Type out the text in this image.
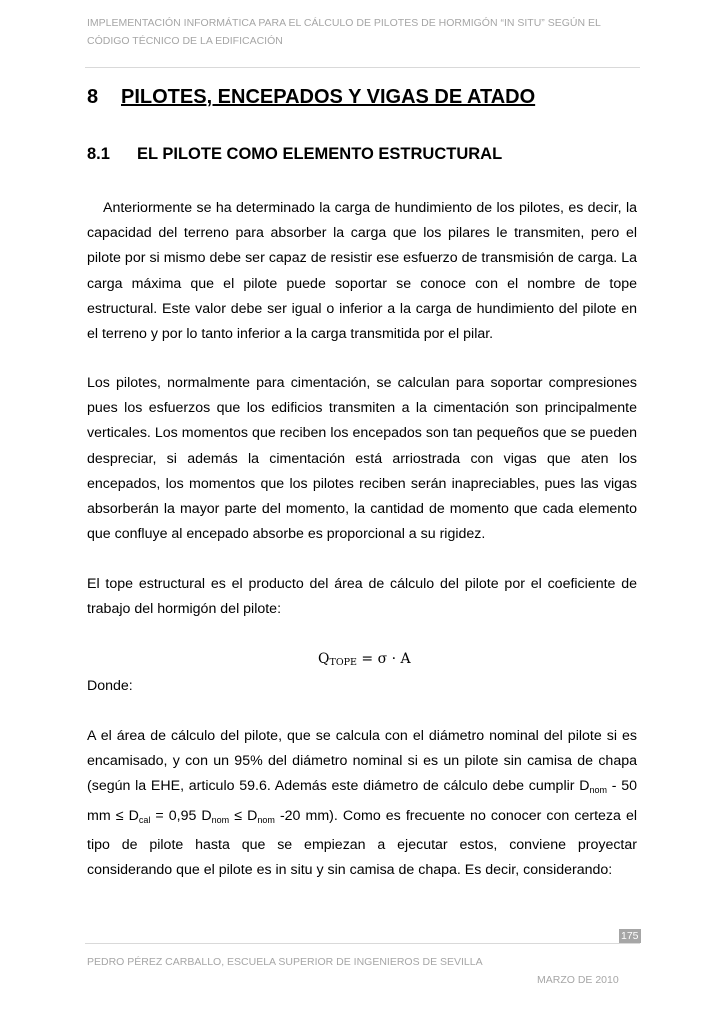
IMPLEMENTACIÓN INFORMÁTICA PARA EL CÁLCULO DE PILOTES DE HORMIGÓN “IN SITU” SEGÚN EL CÓDIGO TÉCNICO DE LA EDIFICACIÓN
8 PILOTES, ENCEPADOS Y VIGAS DE ATADO
8.1 EL PILOTE COMO ELEMENTO ESTRUCTURAL
Anteriormente se ha determinado la carga de hundimiento de los pilotes, es decir, la capacidad del terreno para absorber la carga que los pilares le transmiten, pero el pilote por si mismo debe ser capaz de resistir ese esfuerzo de transmisión de carga. La carga máxima que el pilote puede soportar se conoce con el nombre de tope estructural. Este valor debe ser igual o inferior a la carga de hundimiento del pilote en el terreno y por lo tanto inferior a la carga transmitida por el pilar.
Los pilotes, normalmente para cimentación, se calculan para soportar compresiones pues los esfuerzos que los edificios transmiten a la cimentación son principalmente verticales. Los momentos que reciben los encepados son tan pequeños que se pueden despreciar, si además la cimentación está arriostrada con vigas que aten los encepados, los momentos que los pilotes reciben serán inapreciables, pues las vigas absorberán la mayor parte del momento, la cantidad de momento que cada elemento que confluye al encepado absorbe es proporcional a su rigidez.
El tope estructural es el producto del área de cálculo del pilote por el coeficiente de trabajo del hormigón del pilote:
$Q_{TOPE} = \sigma \cdot A$
Donde:
A el área de cálculo del pilote, que se calcula con el diámetro nominal del pilote si es encamisado, y con un 95% del diámetro nominal si es un pilote sin camisa de chapa (según la EHE, articulo 59.6. Además este diámetro de cálculo debe cumplir $D_{nom} - 50$ mm ≤ $D_{cal} = 0,95$ $D_{nom} \le D_{nom}$ -20 mm). Como es frecuente no conocer con certeza el tipo de pilote hasta que se empiezan a ejecutar estos, conviene proyectar considerando que el pilote es in situ y sin camisa de chapa. Es decir, considerando:
175
PEDRO PÉREZ CARBALLO, ESCUELA SUPERIOR DE INGENIEROS DE SEVILLA
MARZO DE 2010
